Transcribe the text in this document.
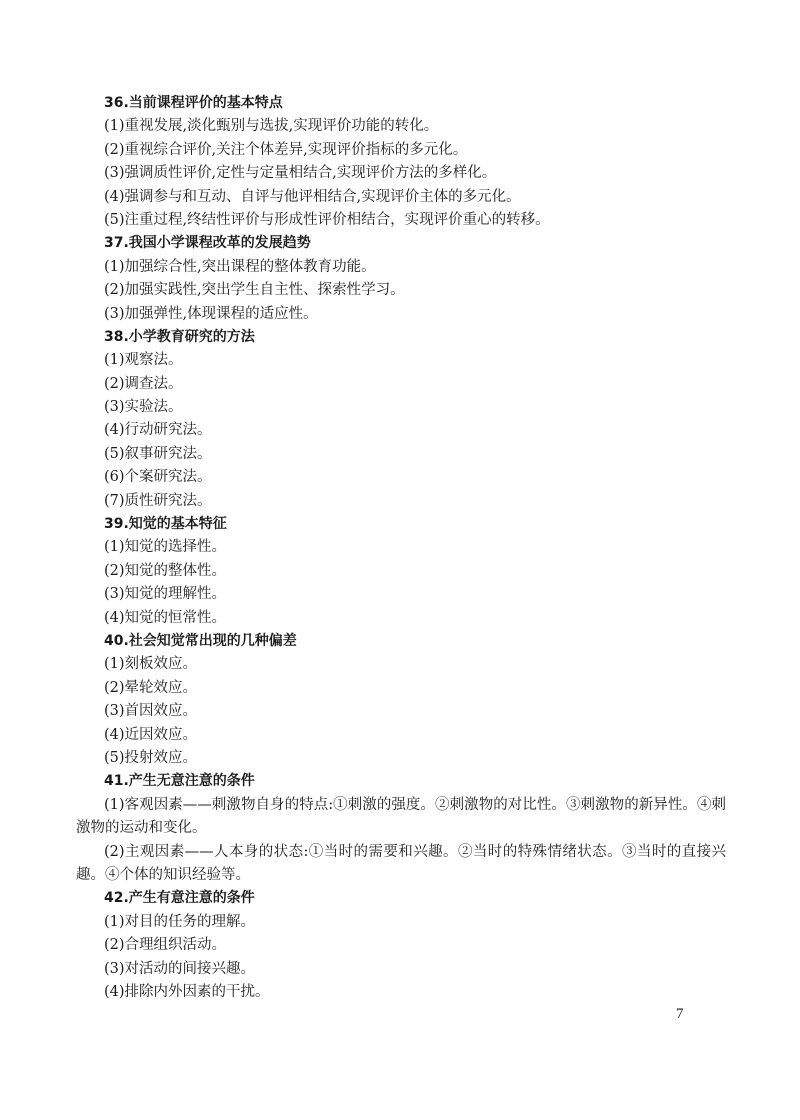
36.当前课程评价的基本特点
(1)重视发展,淡化甄别与选拔,实现评价功能的转化。
(2)重视综合评价,关注个体差异,实现评价指标的多元化。
(3)强调质性评价,定性与定量相结合,实现评价方法的多样化。
(4)强调参与和互动、自评与他评相结合,实现评价主体的多元化。
(5)注重过程,终结性评价与形成性评价相结合，实现评价重心的转移。
37.我国小学课程改革的发展趋势
(1)加强综合性,突出课程的整体教育功能。
(2)加强实践性,突出学生自主性、探索性学习。
(3)加强弹性,体现课程的适应性。
38.小学教育研究的方法
(1)观察法。
(2)调查法。
(3)实验法。
(4)行动研究法。
(5)叙事研究法。
(6)个案研究法。
(7)质性研究法。
39.知觉的基本特征
(1)知觉的选择性。
(2)知觉的整体性。
(3)知觉的理解性。
(4)知觉的恒常性。
40.社会知觉常出现的几种偏差
(1)刻板效应。
(2)晕轮效应。
(3)首因效应。
(4)近因效应。
(5)投射效应。
41.产生无意注意的条件
(1)客观因素——刺激物自身的特点:①刺激的强度。②刺激物的对比性。③刺激物的新异性。④刺激物的运动和变化。
(2)主观因素——人本身的状态:①当时的需要和兴趣。②当时的特殊情绪状态。③当时的直接兴趣。④个体的知识经验等。
42.产生有意注意的条件
(1)对目的任务的理解。
(2)合理组织活动。
(3)对活动的间接兴趣。
(4)排除内外因素的干扰。
7
